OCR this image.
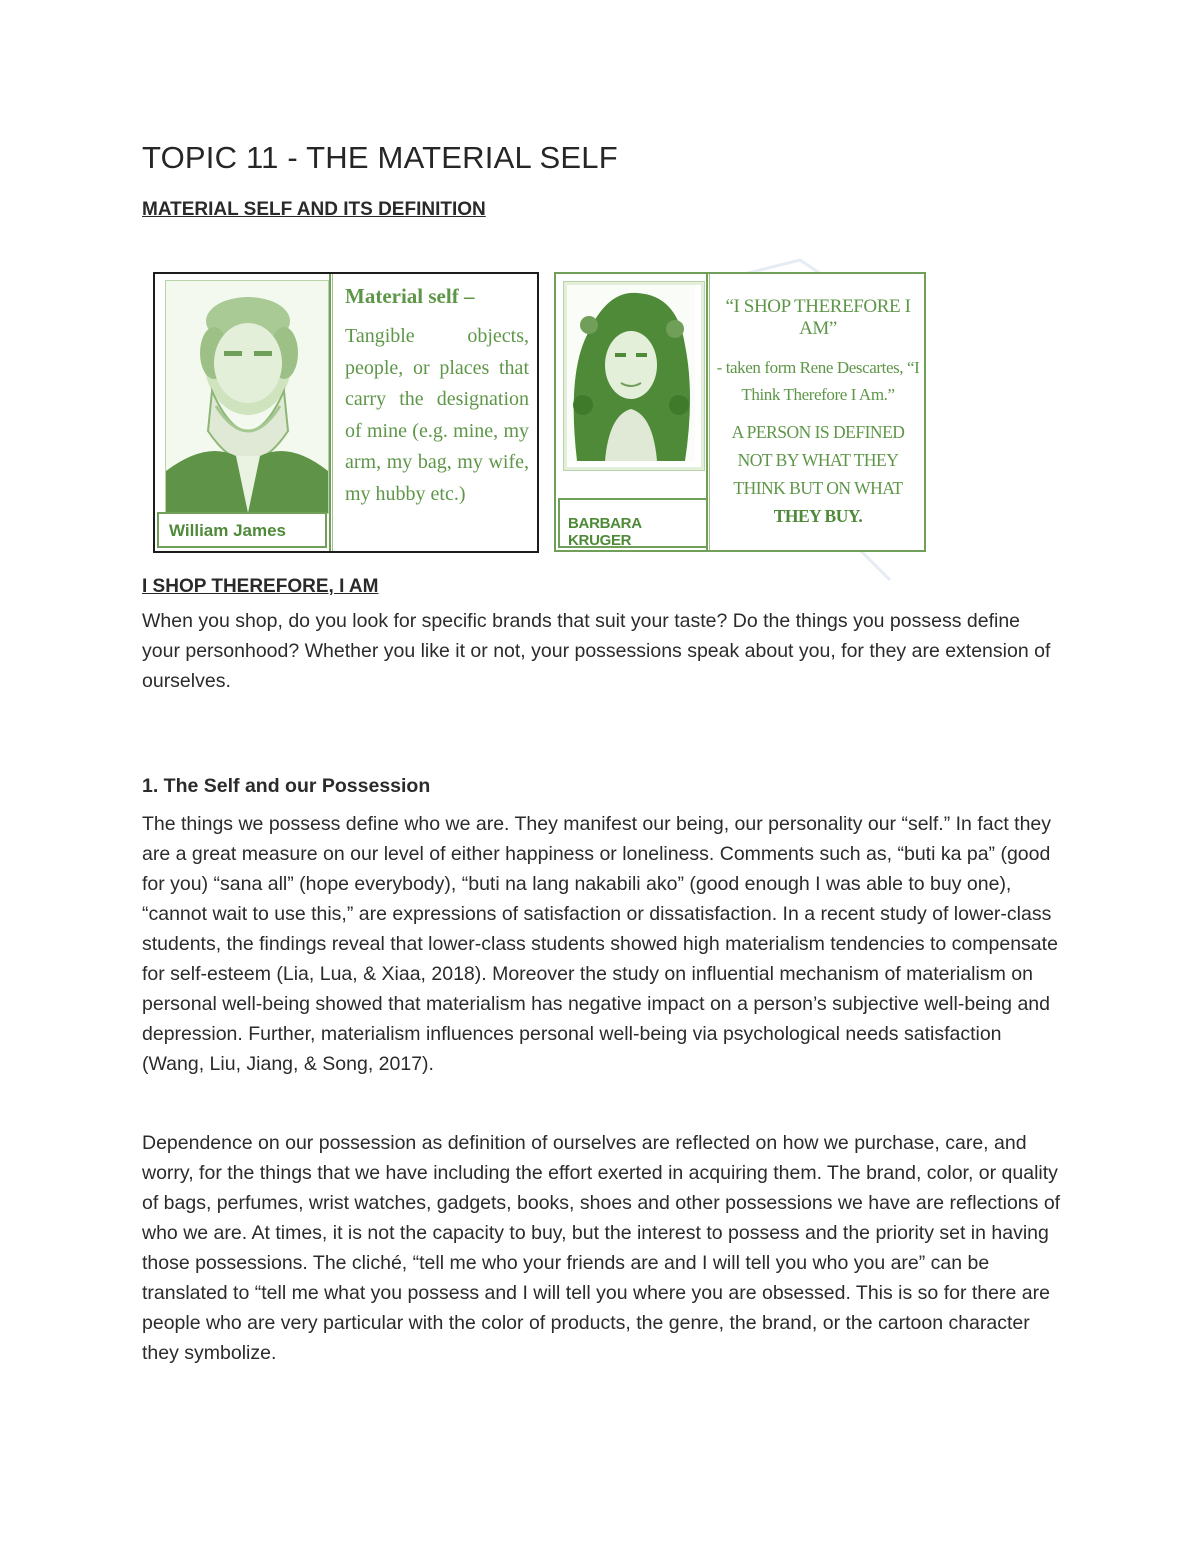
TOPIC 11 - THE MATERIAL SELF
MATERIAL SELF AND ITS DEFINITION
William James

Material self –

Tangible objects, people, or places that carry the designation of mine (e.g. mine, my arm, my bag, my wife, my hubby etc.)

BARBARA KRUGER

“I SHOP THEREFORE I AM”

- taken form Rene Descartes, “I Think Therefore I Am.”

A PERSON IS DEFINED NOT BY WHAT THEY THINK BUT ON WHAT THEY BUY.

I SHOP THEREFORE, I AM

When you shop, do you look for specific brands that suit your taste? Do the things you possess define your personhood? Whether you like it or not, your possessions speak about you, for they are extension of ourselves.

1. The Self and our Possession

The things we possess define who we are. They manifest our being, our personality our “self.” In fact they are a great measure on our level of either happiness or loneliness. Comments such as, “buti ka pa” (good for you) “sana all” (hope everybody), “buti na lang nakabili ako” (good enough I was able to buy one), “cannot wait to use this,” are expressions of satisfaction or dissatisfaction. In a recent study of lower-class students, the findings reveal that lower-class students showed high materialism tendencies to compensate for self-esteem (Lia, Lua, & Xiaa, 2018). Moreover the study on influential mechanism of materialism on personal well-being showed that materialism has negative impact on a person’s subjective well-being and depression. Further, materialism influences personal well-being via psychological needs satisfaction (Wang, Liu, Jiang, & Song, 2017).

Dependence on our possession as definition of ourselves are reflected on how we purchase, care, and worry, for the things that we have including the effort exerted in acquiring them. The brand, color, or quality of bags, perfumes, wrist watches, gadgets, books, shoes and other possessions we have are reflections of who we are. At times, it is not the capacity to buy, but the interest to possess and the priority set in having those possessions. The cliché, “tell me who your friends are and I will tell you who you are” can be translated to “tell me what you possess and I will tell you where you are obsessed. This is so for there are people who are very particular with the color of products, the genre, the brand, or the cartoon character they symbolize.
